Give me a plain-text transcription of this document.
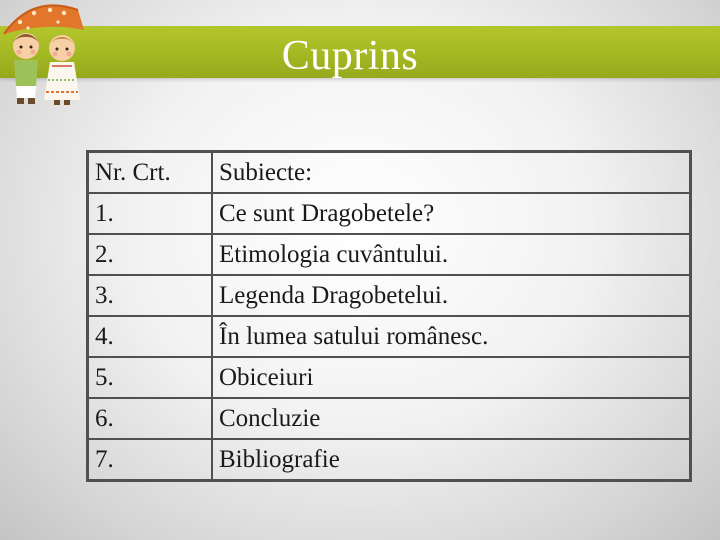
Cuprins
Nr. Crt.	Subiecte:
1.	Ce sunt Dragobetele?
2.	Etimologia cuvântului.
3.	Legenda Dragobetelui.
4.	În lumea satului românesc.
5.	Obiceiuri
6.	Concluzie
7.	Bibliografie
